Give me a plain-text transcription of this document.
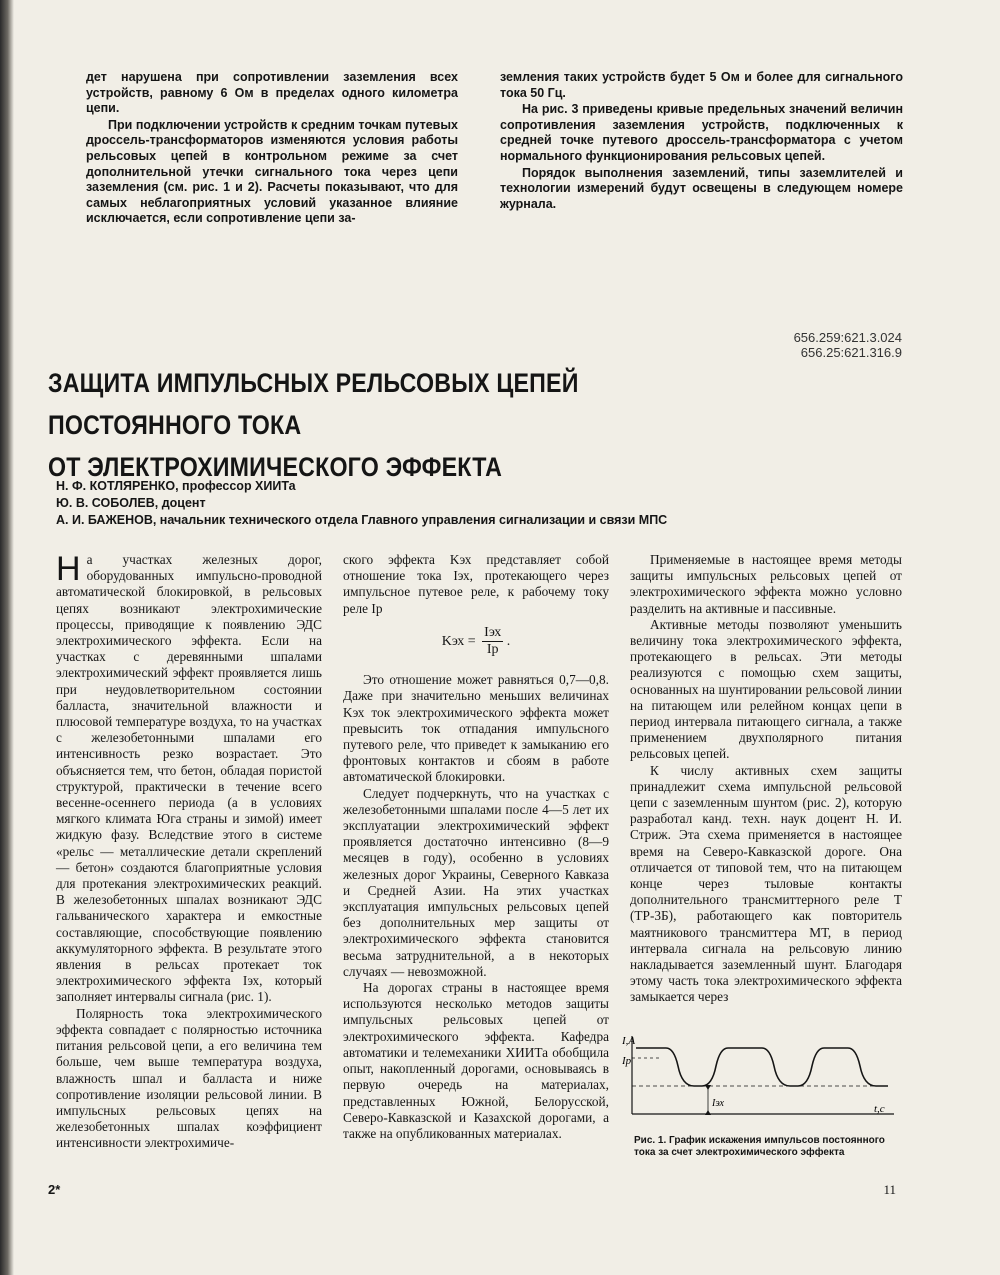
дет нарушена при сопротивлении заземления всех устройств, равному 6 Ом в пределах одного километра цепи.

При подключении устройств к средним точкам путевых дроссель-трансформаторов изменяются условия работы рельсовых цепей в контрольном режиме за счет дополнительной утечки сигнального тока через цепи заземления (см. рис. 1 и 2). Расчеты показывают, что для самых неблагоприятных условий указанное влияние исключается, если сопротивление цепи за-

земления таких устройств будет 5 Ом и более для сигнального тока 50 Гц.

На рис. 3 приведены кривые предельных значений величин сопротивления заземления устройств, подключенных к средней точке путевого дроссель-трансформатора с учетом нормального функционирования рельсовых цепей.

Порядок выполнения заземлений, типы заземлителей и технологии измерений будут освещены в следующем номере журнала.

656.259:621.3.024
656.25:621.316.9
ЗАЩИТА ИМПУЛЬСНЫХ РЕЛЬСОВЫХ ЦЕПЕЙ ПОСТОЯННОГО ТОКА
ОТ ЭЛЕКТРОХИМИЧЕСКОГО ЭФФЕКТА
Н. Ф. КОТЛЯРЕНКО, профессор ХИИТа
Ю. В. СОБОЛЕВ, доцент
А. И. БАЖЕНОВ, начальник технического отдела Главного управления сигнализации и связи МПС

На участках железных дорог, оборудованных импульсно-проводной автоматической блокировкой, в рельсовых цепях возникают электрохимические процессы, приводящие к появлению ЭДС электрохимического эффекта. Если на участках с деревянными шпалами электрохимический эффект проявляется лишь при неудовлетворительном состоянии балласта, значительной влажности и плюсовой температуре воздуха, то на участках с железобетонными шпалами его интенсивность резко возрастает. Это объясняется тем, что бетон, обладая пористой структурой, практически в течение всего весенне-осеннего периода (а в условиях мягкого климата Юга страны и зимой) имеет жидкую фазу. Вследствие этого в системе «рельс — металлические детали скреплений — бетон» создаются благоприятные условия для протекания электрохимических реакций. В железобетонных шпалах возникают ЭДС гальванического характера и емкостные составляющие, способствующие появлению аккумуляторного эффекта. В результате этого явления в рельсах протекает ток электрохимического эффекта Iэх, который заполняет интервалы сигнала (рис. 1).

Полярность тока электрохимического эффекта совпадает с полярностью источника питания рельсовой цепи, а его величина тем больше, чем выше температура воздуха, влажность шпал и балласта и ниже сопротивление изоляции рельсовой линии. В импульсных рельсовых цепях на железобетонных шпалах коэффициент интенсивности электрохимиче-

ского эффекта Kэх представляет собой отношение тока Iэх, протекающего через импульсное путевое реле, к рабочему току реле Iр

Kэх = $\frac{\text{Iэх}}{Iр}$ .

Это отношение может равняться 0,7—0,8. Даже при значительно меньших величинах Kэх ток электрохимического эффекта может превысить ток отпадания импульсного путевого реле, что приведет к замыканию его фронтовых контактов и сбоям в работе автоматической блокировки.

Следует подчеркнуть, что на участках с железобетонными шпалами после 4—5 лет их эксплуатации электрохимический эффект проявляется достаточно интенсивно (8—9 месяцев в году), особенно в условиях железных дорог Украины, Северного Кавказа и Средней Азии. На этих участках эксплуатация импульсных рельсовых цепей без дополнительных мер защиты от электрохимического эффекта становится весьма затруднительной, а в некоторых случаях — невозможной.

На дорогах страны в настоящее время используются несколько методов защиты импульсных рельсовых цепей от электрохимического эффекта. Кафедра автоматики и телемеханики ХИИТа обобщила опыт, накопленный дорогами, основываясь в первую очередь на материалах, представленных Южной, Белорусской, Северо-Кавказской и Казахской дорогами, а также на опубликованных материалах.

Применяемые в настоящее время методы защиты импульсных рельсовых цепей от электрохимического эффекта можно условно разделить на активные и пассивные.

Активные методы позволяют уменьшить величину тока электрохимического эффекта, протекающего в рельсах. Эти методы реализуются с помощью схем защиты, основанных на шунтировании рельсовой линии на питающем или релейном концах цепи в период интервала питающего сигнала, а также применением двухполярного питания рельсовых цепей.

К числу активных схем защиты принадлежит схема импульсной рельсовой цепи с заземленным шунтом (рис. 2), которую разработал канд. техн. наук доцент Н. И. Стриж. Эта схема применяется в настоящее время на Северо-Кавказской дороге. Она отличается от типовой тем, что на питающем конце через тыловые контакты дополнительного трансмиттерного реле Т (ТР-3Б), работающего как повторитель маятникового трансмиттера МТ, в период интервала сигнала на рельсовую линию накладывается заземленный шунт. Благодаря этому часть тока электрохимического эффекта замыкается через

I,A
Iр
Iэх	t,с

Рис. 1. График искажения импульсов постоянного тока за счет электрохимического эффекта

2*	11
